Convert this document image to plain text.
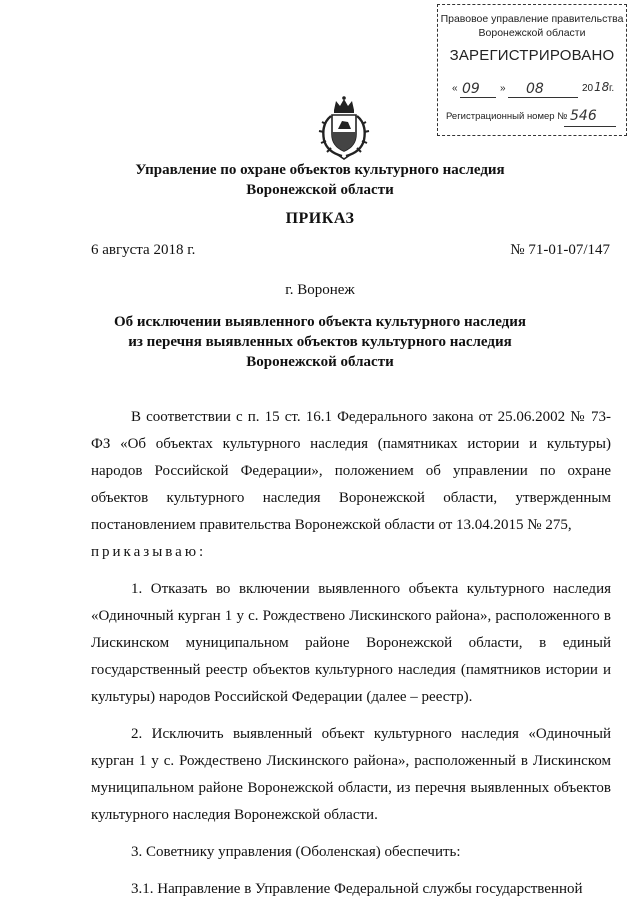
Правовое управление правительства
Воронежской области
ЗАРЕГИСТРИРОВАНО
« 09 » 08	20 18 г.
Регистрационный номер № 546
Управление по охране объектов культурного наследия
Воронежской области
ПРИКАЗ
6 августа 2018 г.	№ 71-01-07/147
г. Воронеж
Об исключении выявленного объекта культурного наследия
из перечня выявленных объектов культурного наследия
Воронежской области

В соответствии с п. 15 ст. 16.1 Федерального закона от 25.06.2002 № 73-ФЗ «Об объектах культурного наследия (памятниках истории и культуры) народов Российской Федерации», положением об управлении по охране объектов культурного наследия Воронежской области, утвержденным постановлением правительства Воронежской области от 13.04.2015 № 275,

приказываю:

1. Отказать во включении выявленного объекта культурного наследия «Одиночный курган 1 у с. Рождествено Лискинского района», расположенного в Лискинском муниципальном районе Воронежской области, в единый государственный реестр объектов культурного наследия (памятников истории и культуры) народов Российской Федерации (далее – реестр).

2. Исключить выявленный объект культурного наследия «Одиночный курган 1 у с. Рождествено Лискинского района», расположенный в Лискинском муниципальном районе Воронежской области, из перечня выявленных объектов культурного наследия Воронежской области.

3. Советнику управления (Оболенская) обеспечить:

3.1. Направление в Управление Федеральной службы государственной
